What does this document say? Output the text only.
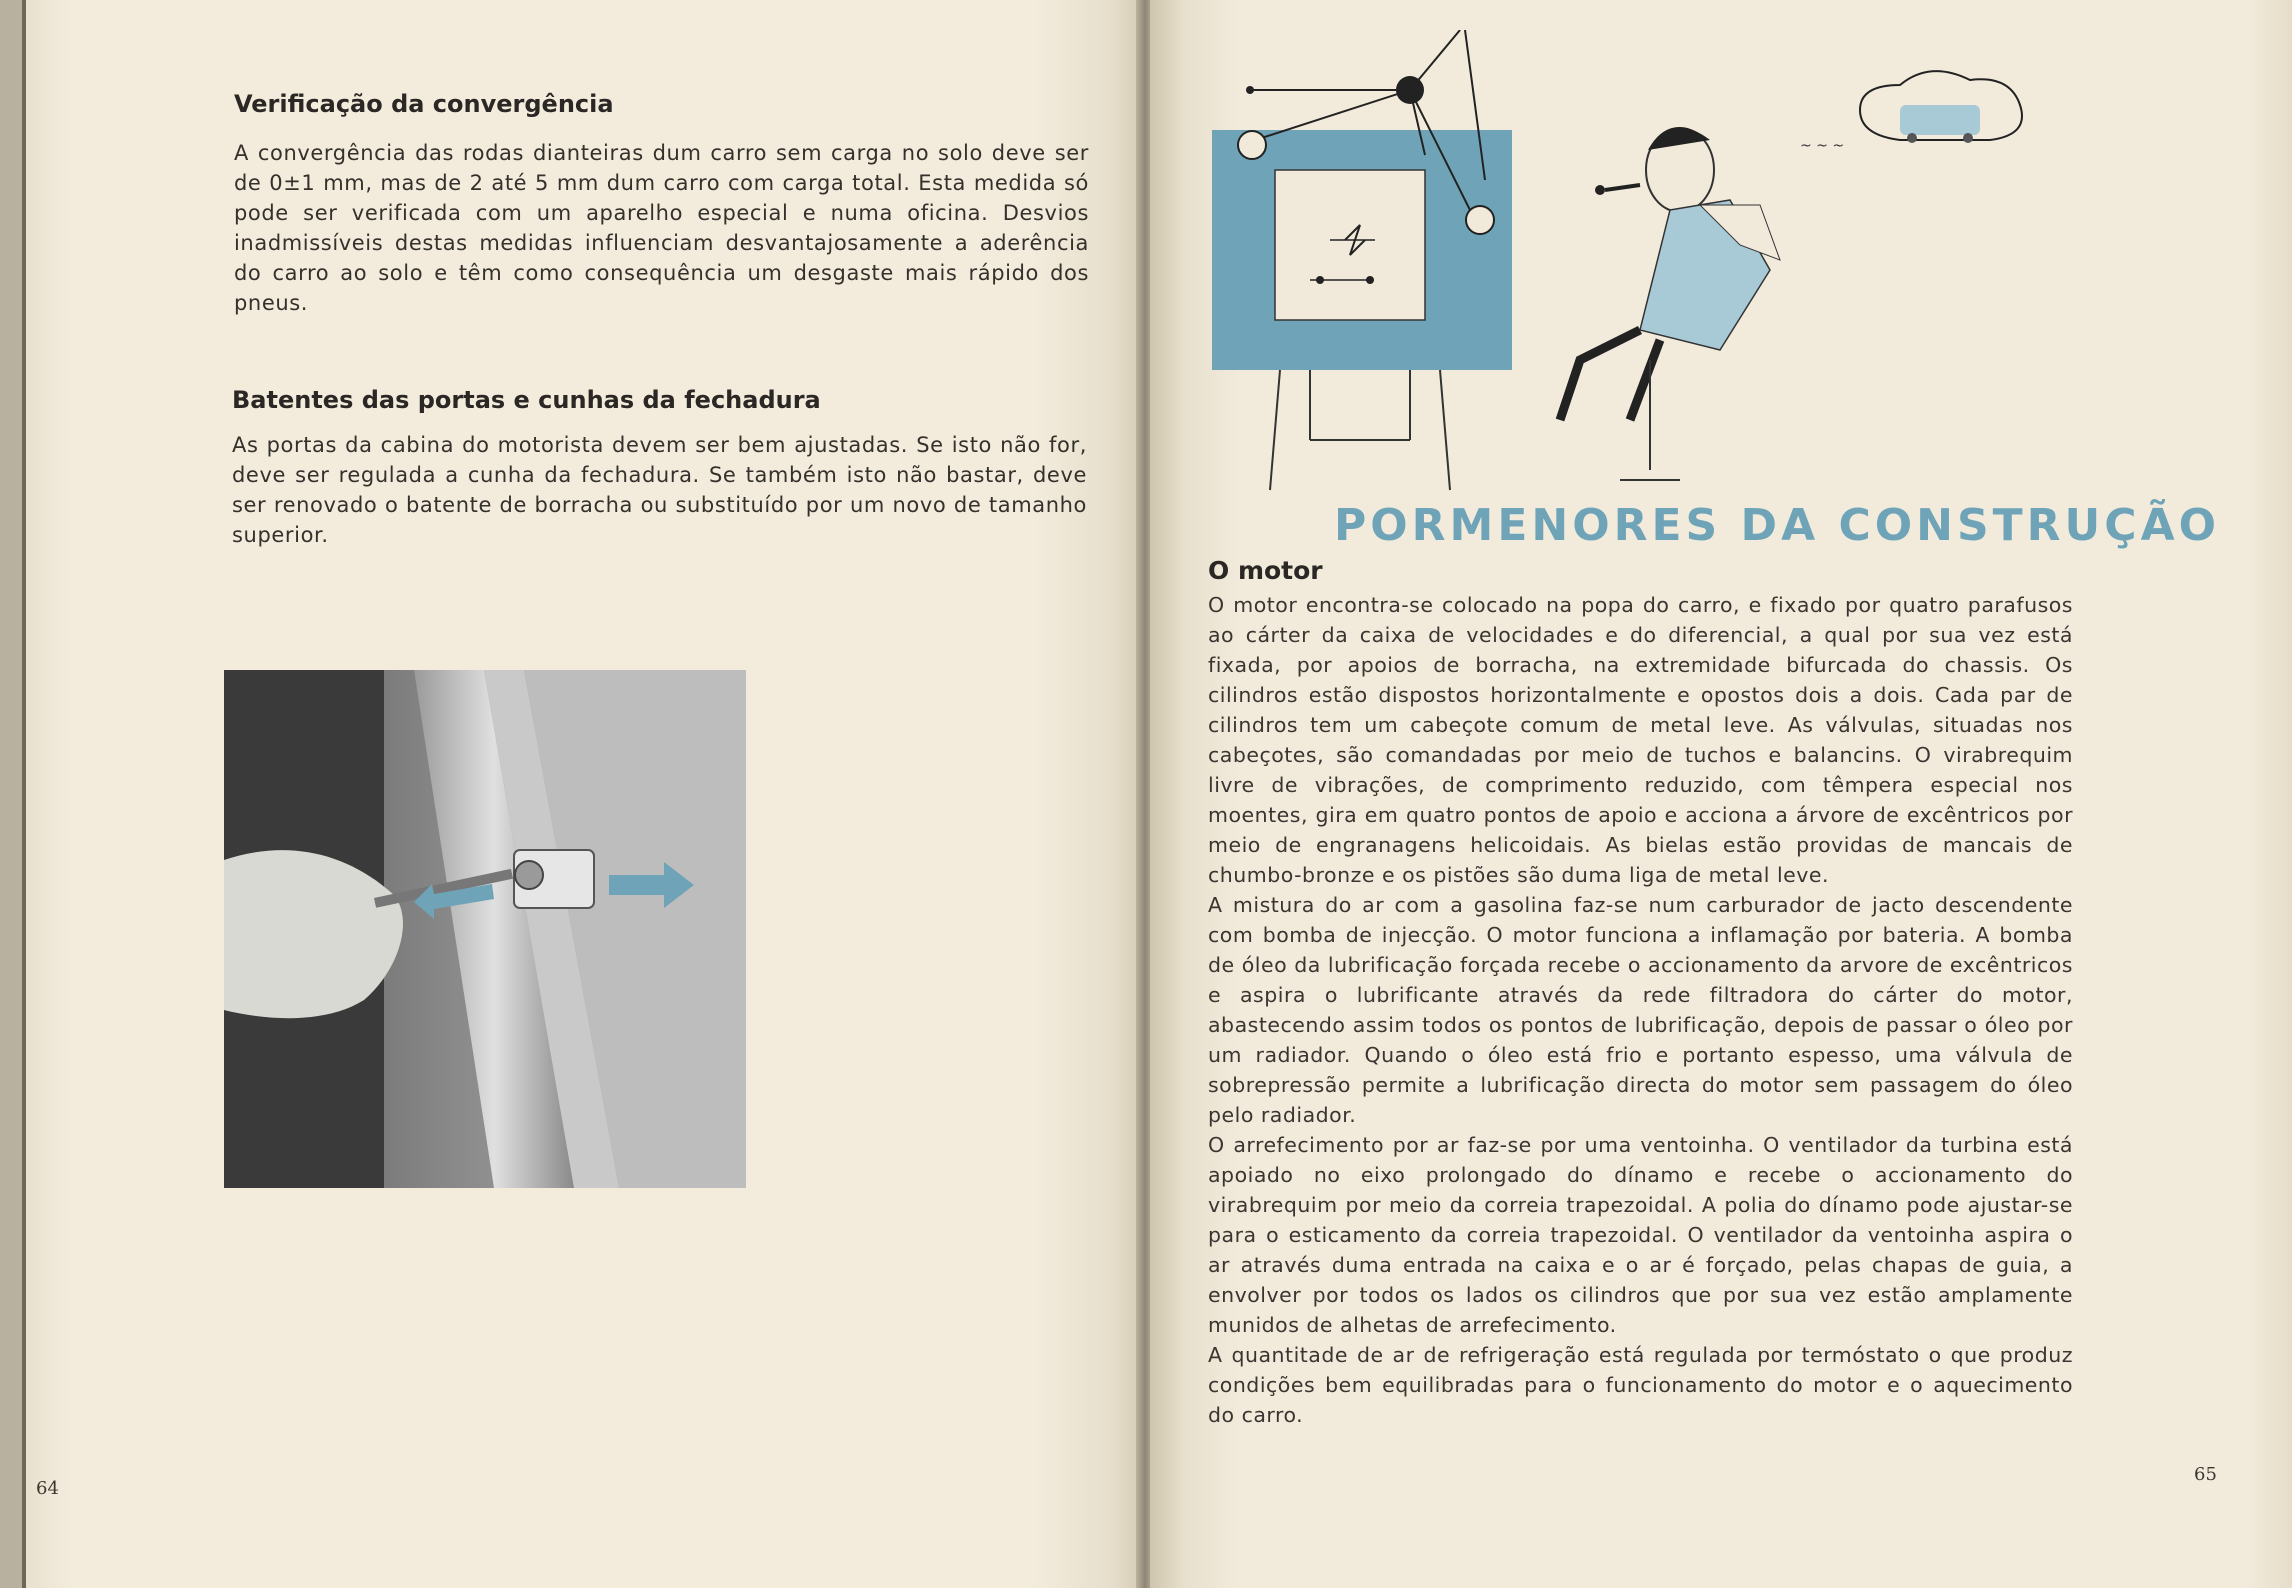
Verificação da convergência

A convergência das rodas dianteiras dum carro sem carga no solo deve ser de 0±1 mm, mas de 2 até 5 mm dum carro com carga total. Esta medida só pode ser verificada com um aparelho especial e numa oficina. Desvios inadmissíveis destas medidas influenciam desvantajosamente a aderência do carro ao solo e têm como consequência um desgaste mais rápido dos pneus.

Batentes das portas e cunhas da fechadura

As portas da cabina do motorista devem ser bem ajustadas. Se isto não for, deve ser regulada a cunha da fechadura. Se também isto não bastar, deve ser renovado o batente de borracha ou substituído por um novo de tamanho superior.

64
~ ~ ~
PORMENORES DA CONSTRUÇÃO
O motor

O motor encontra-se colocado na popa do carro, e fixado por quatro parafusos ao cárter da caixa de velocidades e do diferencial, a qual por sua vez está fixada, por apoios de borracha, na extremidade bifurcada do chassis. Os cilindros estão dispostos horizontalmente e opostos dois a dois. Cada par de cilindros tem um cabeçote comum de metal leve. As válvulas, situadas nos cabeçotes, são comandadas por meio de tuchos e balancins. O virabrequim livre de vibrações, de comprimento reduzido, com têmpera especial nos moentes, gira em quatro pontos de apoio e acciona a árvore de excêntricos por meio de engranagens helicoidais. As bielas estão providas de mancais de chumbo-bronze e os pistões são duma liga de metal leve.

A mistura do ar com a gasolina faz-se num carburador de jacto descendente com bomba de injecção. O motor funciona a inflamação por bateria. A bomba de óleo da lubrificação forçada recebe o accionamento da arvore de excêntricos e aspira o lubrificante através da rede filtradora do cárter do motor, abastecendo assim todos os pontos de lubrificação, depois de passar o óleo por um radiador. Quando o óleo está frio e portanto espesso, uma válvula de sobrepressão permite a lubrificação directa do motor sem passagem do óleo pelo radiador.

O arrefecimento por ar faz-se por uma ventoinha. O ventilador da turbina está apoiado no eixo prolongado do dínamo e recebe o accionamento do virabrequim por meio da correia trapezoidal. A polia do dínamo pode ajustar-se para o esticamento da correia trapezoidal. O ventilador da ventoinha aspira o ar através duma entrada na caixa e o ar é forçado, pelas chapas de guia, a envolver por todos os lados os cilindros que por sua vez estão amplamente munidos de alhetas de arrefecimento.

A quantitade de ar de refrigeração está regulada por termóstato o que produz condições bem equilibradas para o funcionamento do motor e o aquecimento do carro.

65
